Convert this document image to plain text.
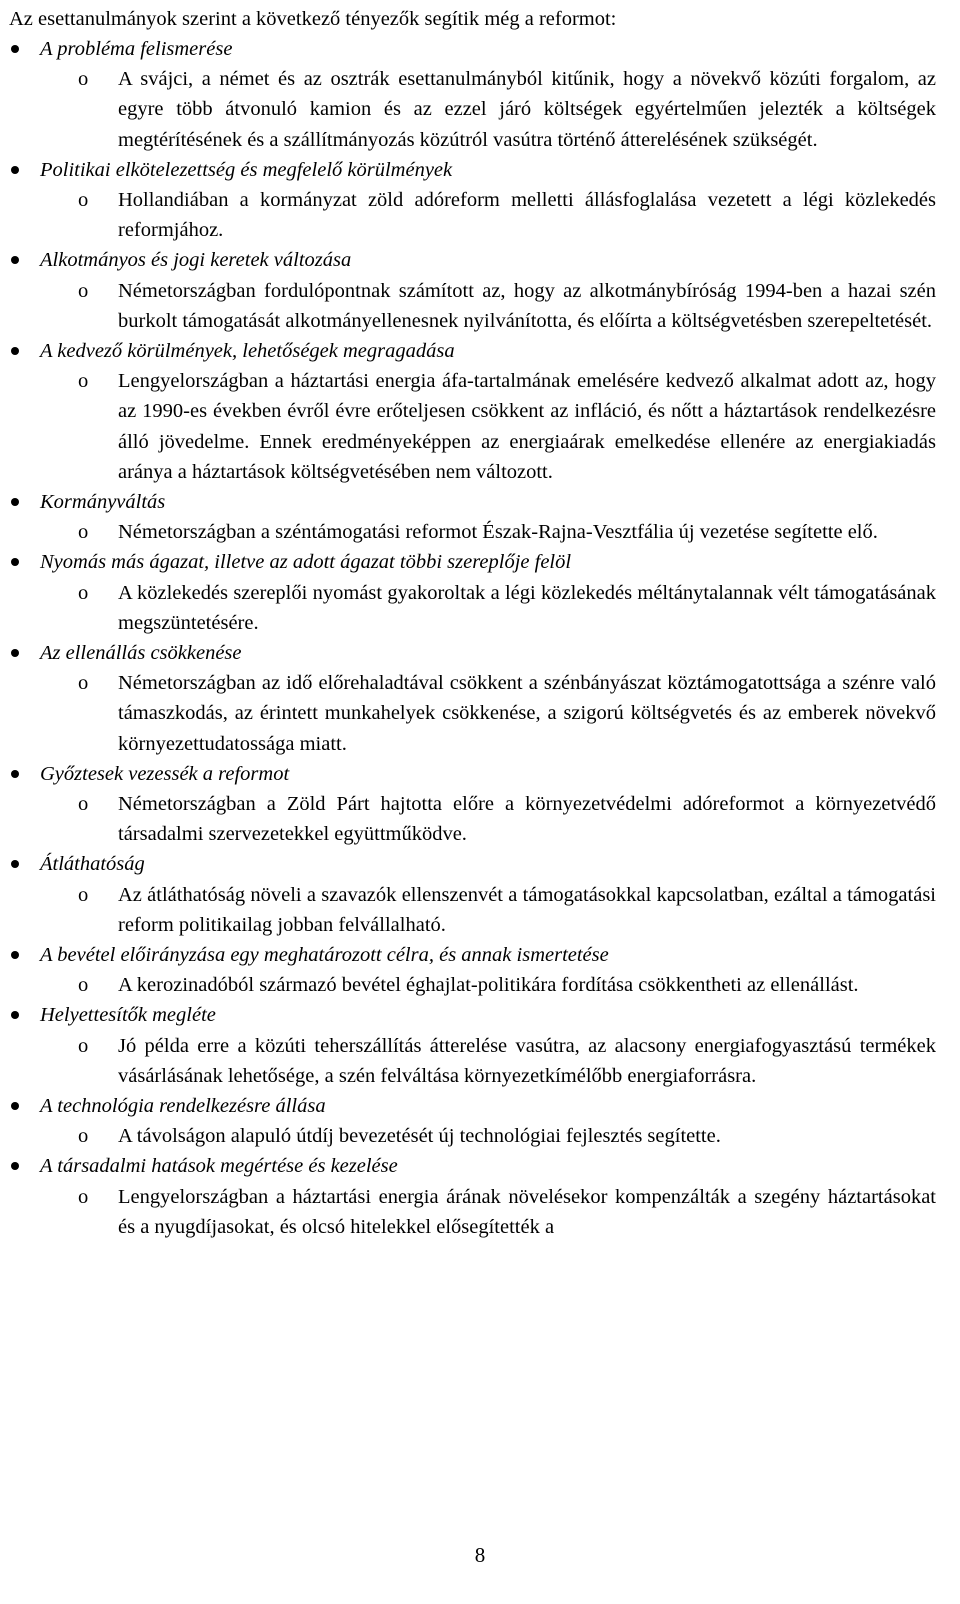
Az esettanulmányok szerint a következő tényezők segítik még a reformot:
A probléma felismerése
o A svájci, a német és az osztrák esettanulmányból kitűnik, hogy a növekvő közúti forgalom, az egyre több átvonuló kamion és az ezzel járó költségek egyértelműen jelezték a költségek megtérítésének és a szállítmányozás közútról vasútra történő átterelésének szükségét.
Politikai elkötelezettség és megfelelő körülmények
o Hollandiában a kormányzat zöld adóreform melletti állásfoglalása vezetett a légi közlekedés reformjához.
Alkotmányos és jogi keretek változása
o Németországban fordulópontnak számított az, hogy az alkotmánybíróság 1994-ben a hazai szén burkolt támogatását alkotmányellenesnek nyilvánította, és előírta a költségvetésben szerepeltetését.
A kedvező körülmények, lehetőségek megragadása
o Lengyelországban a háztartási energia áfa-tartalmának emelésére kedvező alkalmat adott az, hogy az 1990-es években évről évre erőteljesen csökkent az infláció, és nőtt a háztartások rendelkezésre álló jövedelme. Ennek eredményeképpen az energiaárak emelkedése ellenére az energiakiadás aránya a háztartások költségvetésében nem változott.
Kormányváltás
o Németországban a széntámogatási reformot Észak-Rajna-Vesztfália új vezetése segítette elő.
Nyomás más ágazat, illetve az adott ágazat többi szereplője felöl
o A közlekedés szereplői nyomást gyakoroltak a légi közlekedés méltánytalannak vélt támogatásának megszüntetésére.
Az ellenállás csökkenése
o Németországban az idő előrehaladtával csökkent a szénbányászat köztámogatottsága a szénre való támaszkodás, az érintett munkahelyek csökkenése, a szigorú költségvetés és az emberek növekvő környezettudatossága miatt.
Győztesek vezessék a reformot
o Németországban a Zöld Párt hajtotta előre a környezetvédelmi adóreformot a környezetvédő társadalmi szervezetekkel együttműködve.
Átláthatóság
o Az átláthatóság növeli a szavazók ellenszenvét a támogatásokkal kapcsolatban, ezáltal a támogatási reform politikailag jobban felvállalható.
A bevétel előirányzása egy meghatározott célra, és annak ismertetése
o A kerozinadóból származó bevétel éghajlat-politikára fordítása csökkentheti az ellenállást.
Helyettesítők megléte
o Jó példa erre a közúti teherszállítás átterelése vasútra, az alacsony energiafogyasztású termékek vásárlásának lehetősége, a szén felváltása környezetkímélőbb energiaforrásra.
A technológia rendelkezésre állása
o A távolságon alapuló útdíj bevezetését új technológiai fejlesztés segítette.
A társadalmi hatások megértése és kezelése
o Lengyelországban a háztartási energia árának növelésekor kompenzálták a szegény háztartásokat és a nyugdíjasokat, és olcsó hitelekkel elősegítették a
8
